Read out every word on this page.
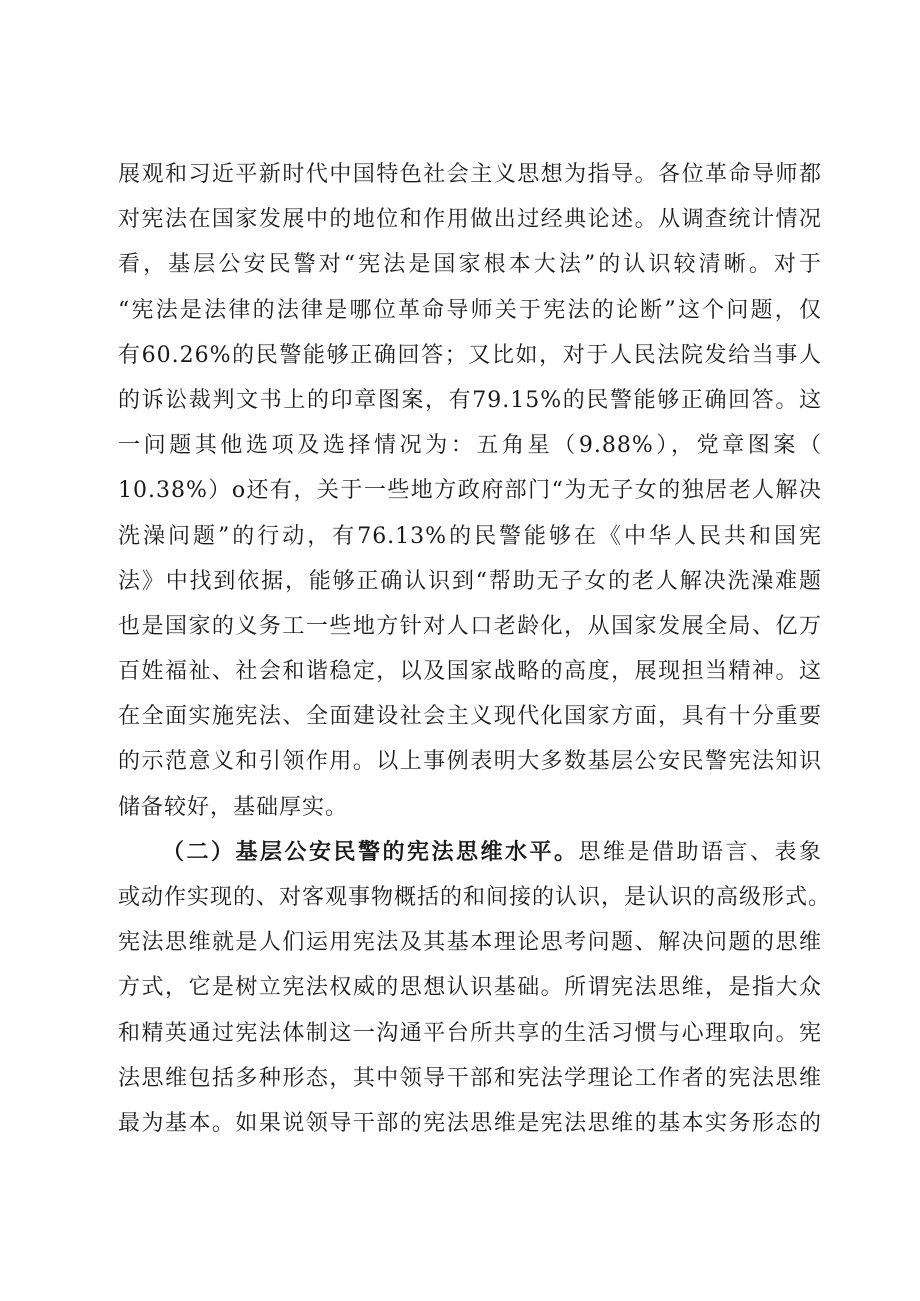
展观和习近平新时代中国特色社会主义思想为指导。各位革命导师都
对宪法在国家发展中的地位和作用做出过经典论述。从调查统计情况
看，基层公安民警对“宪法是国家根本大法”的认识较清晰。对于
“宪法是法律的法律是哪位革命导师关于宪法的论断”这个问题，仅
有60.26%的民警能够正确回答；又比如，对于人民法院发给当事人
的诉讼裁判文书上的印章图案，有79.15%的民警能够正确回答。这
一问题其他选项及选择情况为：五角星（9.88%），党章图案（
10.38%）o还有，关于一些地方政府部门“为无子女的独居老人解决
洗澡问题”的行动，有76.13%的民警能够在《中华人民共和国宪
法》中找到依据，能够正确认识到“帮助无子女的老人解决洗澡难题
也是国家的义务工一些地方针对人口老龄化，从国家发展全局、亿万
百姓福祉、社会和谐稳定，以及国家战略的高度，展现担当精神。这
在全面实施宪法、全面建设社会主义现代化国家方面，具有十分重要
的示范意义和引领作用。以上事例表明大多数基层公安民警宪法知识
储备较好，基础厚实。
（二）基层公安民警的宪法思维水平。思维是借助语言、表象
或动作实现的、对客观事物概括的和间接的认识，是认识的高级形式。
宪法思维就是人们运用宪法及其基本理论思考问题、解决问题的思维
方式，它是树立宪法权威的思想认识基础。所谓宪法思维，是指大众
和精英通过宪法体制这一沟通平台所共享的生活习惯与心理取向。宪
法思维包括多种形态，其中领导干部和宪法学理论工作者的宪法思维
最为基本。如果说领导干部的宪法思维是宪法思维的基本实务形态的
